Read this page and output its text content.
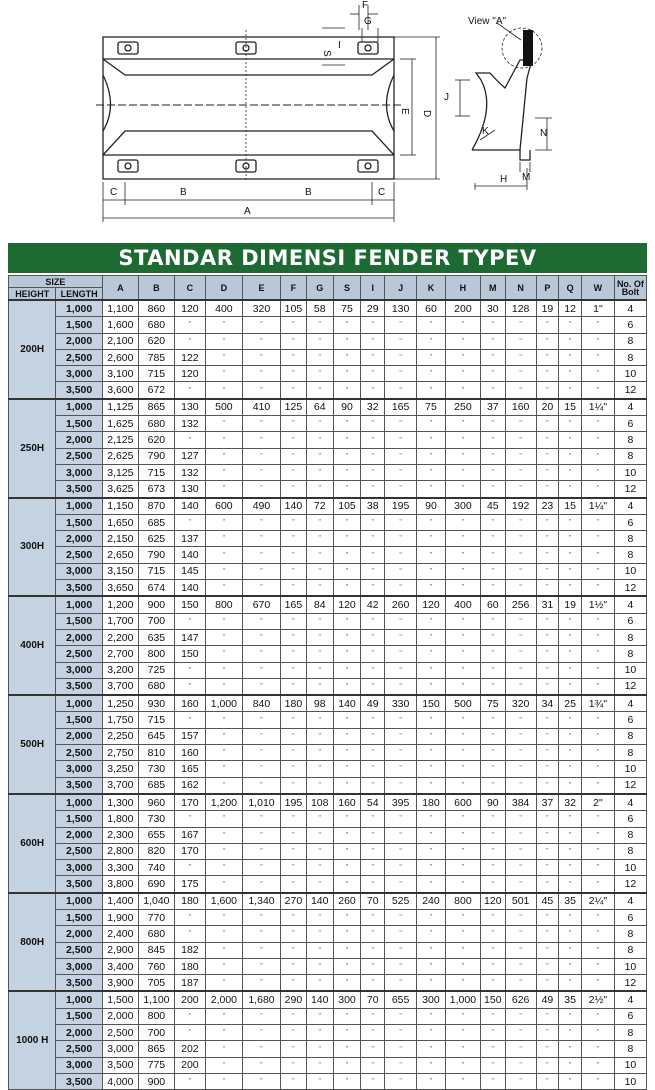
F
G
S
I
E D
C	B	B	C
A
View "A"
J
K	N
M
H
STANDAR DIMENSI FENDER TYPEV
SIZE		A	B	C	D	E	F	G	S	I	J	K	H	M	N	P	Q	W	No. Of Bolt
HEIGHT	LENGTH																		
200H	1,000	1,100	860	120	400	320	105	58	75	29	130	60	200	30	128	19	12	1"	4
	1,500	1,600	680	"	"	"	"	"	"	"	"	"	"	"	"	"	"	"	6
	2,000	2,100	620	"	"	"	"	"	"	"	"	"	"	"	"	"	"	"	8
	2,500	2,600	785	122	"	"	"	"	"	"	"	"	"	"	"	"	"	"	8
	3,000	3,100	715	120	"	"	"	"	"	"	"	"	"	"	"	"	"	"	10
	3,500	3,600	672	"	"	"	"	"	"	"	"	"	"	"	"	"	"	"	12
250H	1,000	1,125	865	130	500	410	125	64	90	32	165	75	250	37	160	20	15	1¼"	4
	1,500	1,625	680	132	"	"	"	"	"	"	"	"	"	"	"	"	"	"	6
	2,000	2,125	620	"	"	"	"	"	"	"	"	"	"	"	"	"	"	"	8
	2,500	2,625	790	127	"	"	"	"	"	"	"	"	"	"	"	"	"	"	8
	3,000	3,125	715	132	"	"	"	"	"	"	"	"	"	"	"	"	"	"	10
	3,500	3,625	673	130	"	"	"	"	"	"	"	"	"	"	"	"	"	"	12
300H	1,000	1,150	870	140	600	490	140	72	105	38	195	90	300	45	192	23	15	1¼"	4
	1,500	1,650	685	"	"	"	"	"	"	"	"	"	"	"	"	"	"	"	6
	2,000	2,150	625	137	"	"	"	"	"	"	"	"	"	"	"	"	"	"	8
	2,500	2,650	790	140	"	"	"	"	"	"	"	"	"	"	"	"	"	"	8
	3,000	3,150	715	145	"	"	"	"	"	"	"	"	"	"	"	"	"	"	10
	3,500	3,650	674	140	"	"	"	"	"	"	"	"	"	"	"	"	"	"	12
400H	1,000	1,200	900	150	800	670	165	84	120	42	260	120	400	60	256	31	19	1½"	4
	1,500	1,700	700	"	"	"	"	"	"	"	"	"	"	"	"	"	"	"	6
	2,000	2,200	635	147	"	"	"	"	"	"	"	"	"	"	"	"	"	"	8
	2,500	2,700	800	150	"	"	"	"	"	"	"	"	"	"	"	"	"	"	8
	3,000	3,200	725	"	"	"	"	"	"	"	"	"	"	"	"	"	"	"	10
	3,500	3,700	680	"	"	"	"	"	"	"	"	"	"	"	"	"	"	"	12
500H	1,000	1,250	930	160	1,000	840	180	98	140	49	330	150	500	75	320	34	25	1¾"	4
	1,500	1,750	715	"	"	"	"	"	"	"	"	"	"	"	"	"	"	"	6
	2,000	2,250	645	157	"	"	"	"	"	"	"	"	"	"	"	"	"	"	8
	2,500	2,750	810	160	"	"	"	"	"	"	"	"	"	"	"	"	"	"	8
	3,000	3,250	730	165	"	"	"	"	"	"	"	"	"	"	"	"	"	"	10
	3,500	3,700	685	162	"	"	"	"	"	"	"	"	"	"	"	"	"	"	12
600H	1,000	1,300	960	170	1,200	1,010	195	108	160	54	395	180	600	90	384	37	32	2"	4
	1,500	1,800	730	"	"	"	"	"	"	"	"	"	"	"	"	"	"	"	6
	2,000	2,300	655	167	"	"	"	"	"	"	"	"	"	"	"	"	"	"	8
	2,500	2,800	820	170	"	"	"	"	"	"	"	"	"	"	"	"	"	"	8
	3,000	3,300	740	"	"	"	"	"	"	"	"	"	"	"	"	"	"	"	10
	3,500	3,800	690	175	"	"	"	"	"	"	"	"	"	"	"	"	"	"	12
800H	1,000	1,400	1,040	180	1,600	1,340	270	140	260	70	525	240	800	120	501	45	35	2¼"	4
	1,500	1,900	770	"	"	"	"	"	"	"	"	"	"	"	"	"	"	"	6
	2,000	2,400	680	"	"	"	"	"	"	"	"	"	"	"	"	"	"	"	8
	2,500	2,900	845	182	"	"	"	"	"	"	"	"	"	"	"	"	"	"	8
	3,000	3,400	760	180	"	"	"	"	"	"	"	"	"	"	"	"	"	"	10
	3,500	3,900	705	187	"	"	"	"	"	"	"	"	"	"	"	"	"	"	12
1000 H	1,000	1,500	1,100	200	2,000	1,680	290	140	300	70	655	300	1,000	150	626	49	35	2½"	4
	1,500	2,000	800	"	"	"	"	"	"	"	"	"	"	"	"	"	"	"	6
	2,000	2,500	700	"	"	"	"	"	"	"	"	"	"	"	"	"	"	"	8
	2,500	3,000	865	202	"	"	"	"	"	"	"	"	"	"	"	"	"	"	8
	3,000	3,500	775	200	"	"	"	"	"	"	"	"	"	"	"	"	"	"	10
	3,500	4,000	900	"	"	"	"	"	"	"	"	"	"	"	"	"	"	"	10
